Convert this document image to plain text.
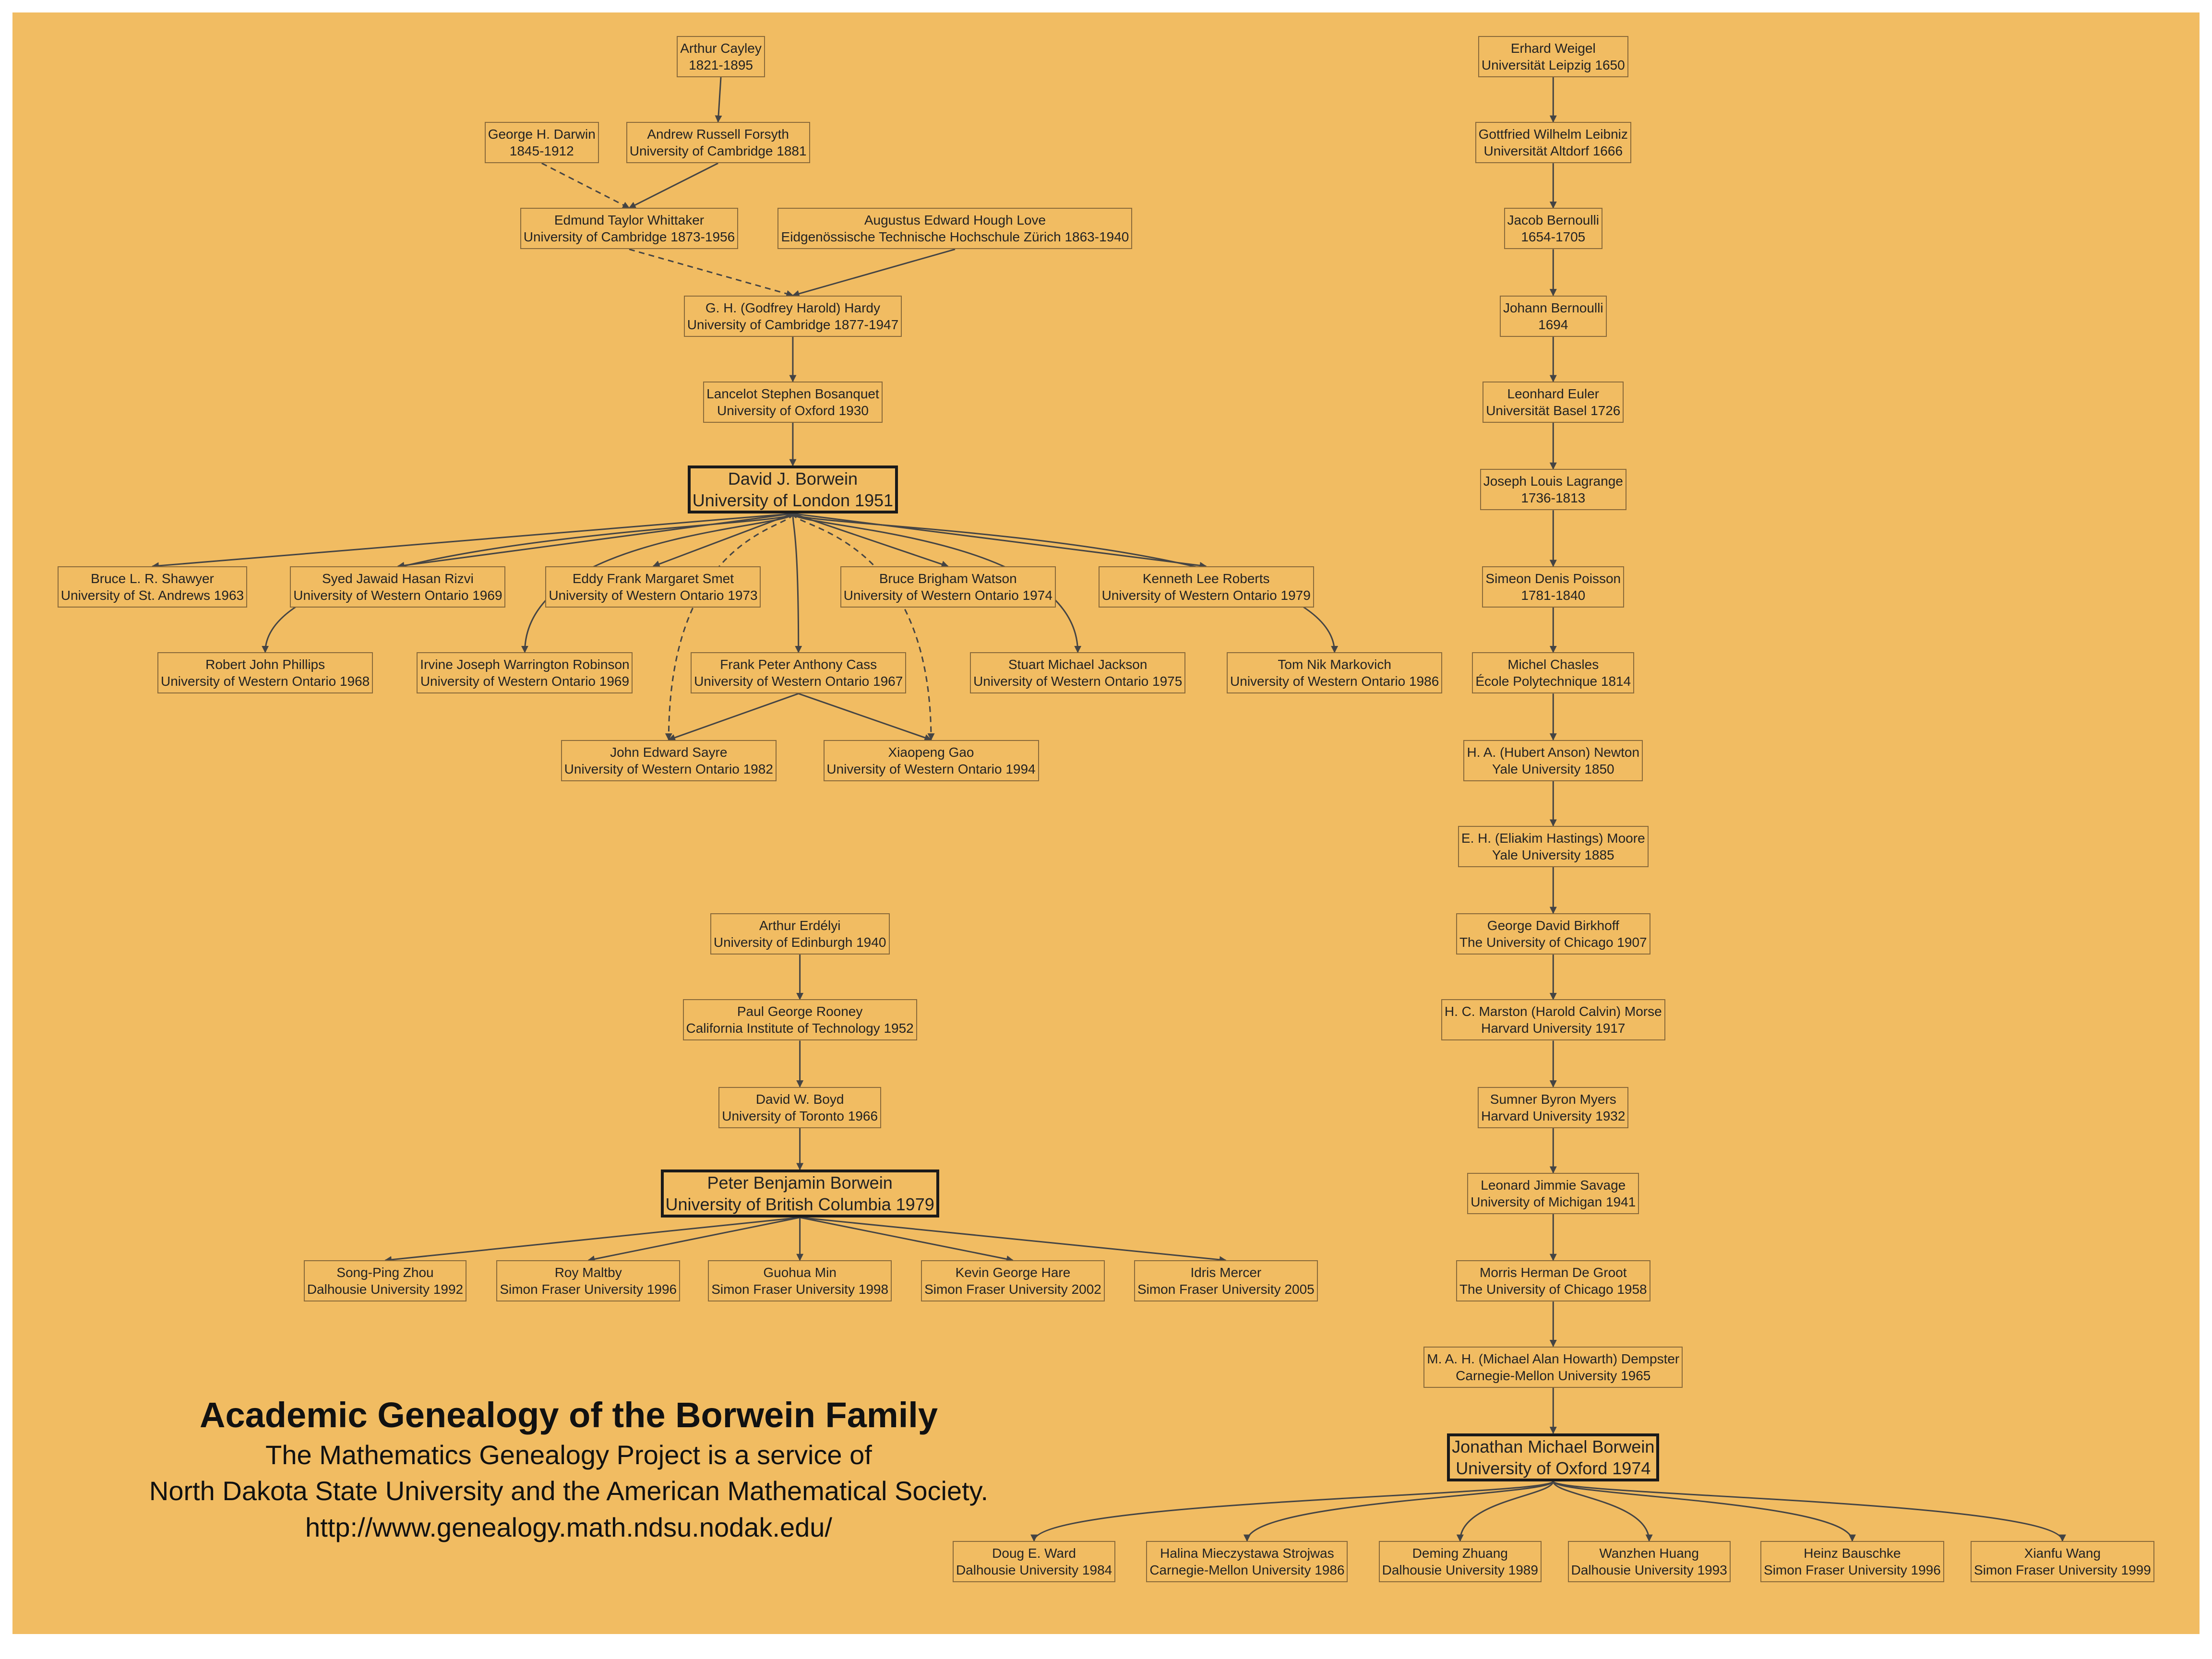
Arthur Cayley
1821-1895
George H. Darwin
1845-1912
Andrew Russell Forsyth
University of Cambridge 1881
Edmund Taylor Whittaker
University of Cambridge 1873-1956
Augustus Edward Hough Love
Eidgenössische Technische Hochschule Zürich 1863-1940
G. H. (Godfrey Harold) Hardy
University of Cambridge 1877-1947
Lancelot Stephen Bosanquet
University of Oxford 1930
David J. Borwein
University of London 1951
Bruce L. R. Shawyer
University of St. Andrews 1963
Syed Jawaid Hasan Rizvi
University of Western Ontario 1969
Eddy Frank Margaret Smet
University of Western Ontario 1973
Bruce Brigham Watson
University of Western Ontario 1974
Kenneth Lee Roberts
University of Western Ontario 1979
Robert John Phillips
University of Western Ontario 1968
Irvine Joseph Warrington Robinson
University of Western Ontario 1969
Frank Peter Anthony Cass
University of Western Ontario 1967
Stuart Michael Jackson
University of Western Ontario 1975
Tom Nik Markovich
University of Western Ontario 1986
John Edward Sayre
University of Western Ontario 1982
Xiaopeng Gao
University of Western Ontario 1994
Arthur Erdélyi
University of Edinburgh 1940
Paul George Rooney
California Institute of Technology 1952
David W. Boyd
University of Toronto 1966
Peter Benjamin Borwein
University of British Columbia 1979
Song-Ping Zhou
Dalhousie University 1992
Roy Maltby
Simon Fraser University 1996
Guohua Min
Simon Fraser University 1998
Kevin George Hare
Simon Fraser University 2002
Idris Mercer
Simon Fraser University 2005
Erhard Weigel
Universität Leipzig 1650
Gottfried Wilhelm Leibniz
Universität Altdorf 1666
Jacob Bernoulli
1654-1705
Johann Bernoulli
1694
Leonhard Euler
Universität Basel 1726
Joseph Louis Lagrange
1736-1813
Simeon Denis Poisson
1781-1840
Michel Chasles
École Polytechnique 1814
H. A. (Hubert Anson) Newton
Yale University 1850
E. H. (Eliakim Hastings) Moore
Yale University 1885
George David Birkhoff
The University of Chicago 1907
H. C. Marston (Harold Calvin) Morse
Harvard University 1917
Sumner Byron Myers
Harvard University 1932
Leonard Jimmie Savage
University of Michigan 1941
Morris Herman De Groot
The University of Chicago 1958
M. A. H. (Michael Alan Howarth) Dempster
Carnegie-Mellon University 1965
Jonathan Michael Borwein
University of Oxford 1974
Doug E. Ward
Dalhousie University 1984
Halina Mieczystawa Strojwas
Carnegie-Mellon University 1986
Deming Zhuang
Dalhousie University 1989
Wanzhen Huang
Dalhousie University 1993
Heinz Bauschke
Simon Fraser University 1996
Xianfu Wang
Simon Fraser University 1999
Academic Genealogy of the Borwein Family
The Mathematics Genealogy Project is a service of
North Dakota State University and the American Mathematical Society.
http://www.genealogy.math.ndsu.nodak.edu/
